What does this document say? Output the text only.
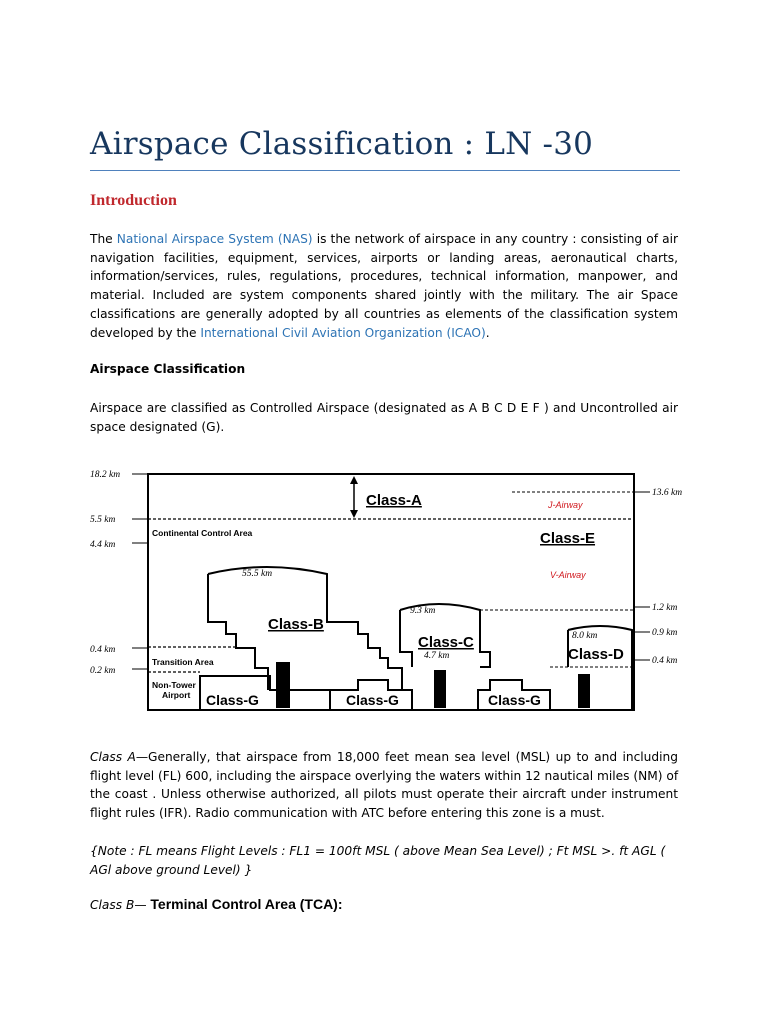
Airspace Classification : LN -30
Introduction
The National Airspace System (NAS) is the network of airspace in any country : consisting of air
navigation facilities, equipment, services, airports or landing areas, aeronautical charts,
information/services, rules, regulations, procedures, technical information, manpower, and
material. Included are system components shared jointly with the military. The air Space
classifications are generally adopted by all countries as elements of the classification system
developed by the International Civil Aviation Organization (ICAO).
Airspace Classification
Airspace are classified as Controlled Airspace (designated as A B C D E F ) and Uncontrolled air
space designated (G).
18.2 km
5.5 km
4.4 km
0.4 km
0.2 km
13.6 km
1.2 km
0.9 km
0.4 km
55.5 km
9.3 km
4.7 km
8.0 km
Class-A
Class-E
Class-B
Class-C
Class-D
Class-G	Class-G	Class-G
Continental Control Area
Transition Area
Non-Tower
Airport
J-Airway
V-Airway
Class A—Generally, that airspace from 18,000 feet mean sea level (MSL) up to and including
flight level (FL) 600, including the airspace overlying the waters within 12 nautical miles (NM) of
the coast . Unless otherwise authorized, all pilots must operate their aircraft under instrument
flight rules (IFR). Radio communication with ATC before entering this zone is a must.
{Note : FL means Flight Levels : FL1 = 100ft MSL ( above Mean Sea Level) ; Ft MSL >. ft AGL (
AGl above ground Level) }
Class B— Terminal Control Area (TCA):
